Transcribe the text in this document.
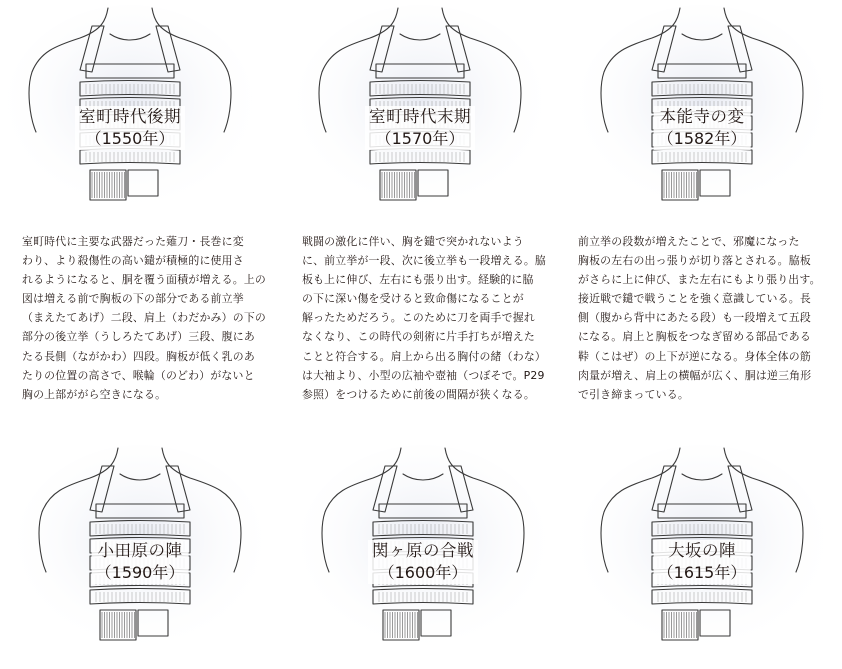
室町時代後期
（1550年）
室町時代末期
（1570年）
本能寺の変
（1582年）
室町時代に主要な武器だった薙刀・長巻に変
わり、より殺傷性の高い鑓が積極的に使用さ
れるようになると、胴を覆う面積が増える。上の
図は増える前で胸板の下の部分である前立挙
（まえたてあげ）二段、肩上（わだかみ）の下の
部分の後立挙（うしろたてあげ）三段、腹にあ
たる長側（ながかわ）四段。胸板が低く乳のあ
たりの位置の高さで、喉輪（のどわ）がないと
胸の上部ががら空きになる。
戦闘の激化に伴い、胸を鑓で突かれないよう
に、前立挙が一段、次に後立挙も一段増える。脇
板も上に伸び、左右にも張り出す。経験的に脇
の下に深い傷を受けると致命傷になることが
解ったためだろう。このために刀を両手で握れ
なくなり、この時代の剣術に片手打ちが増えた
ことと符合する。肩上から出る胸付の緒（わな）
は大袖より、小型の広袖や壺袖（つぼそで。P29
参照）をつけるために前後の間隔が狭くなる。
前立挙の段数が増えたことで、邪魔になった
胸板の左右の出っ張りが切り落とされる。脇板
がさらに上に伸び、また左右にもより張り出す。
接近戦で鑓で戦うことを強く意識している。長
側（腹から背中にあたる段）も一段増えて五段
になる。肩上と胸板をつなぎ留める部品である
鞐（こはぜ）の上下が逆になる。身体全体の筋
肉量が増え、肩上の横幅が広く、胴は逆三角形
で引き締まっている。
小田原の陣
（1590年）
関ヶ原の合戦
（1600年）
大坂の陣
（1615年）
